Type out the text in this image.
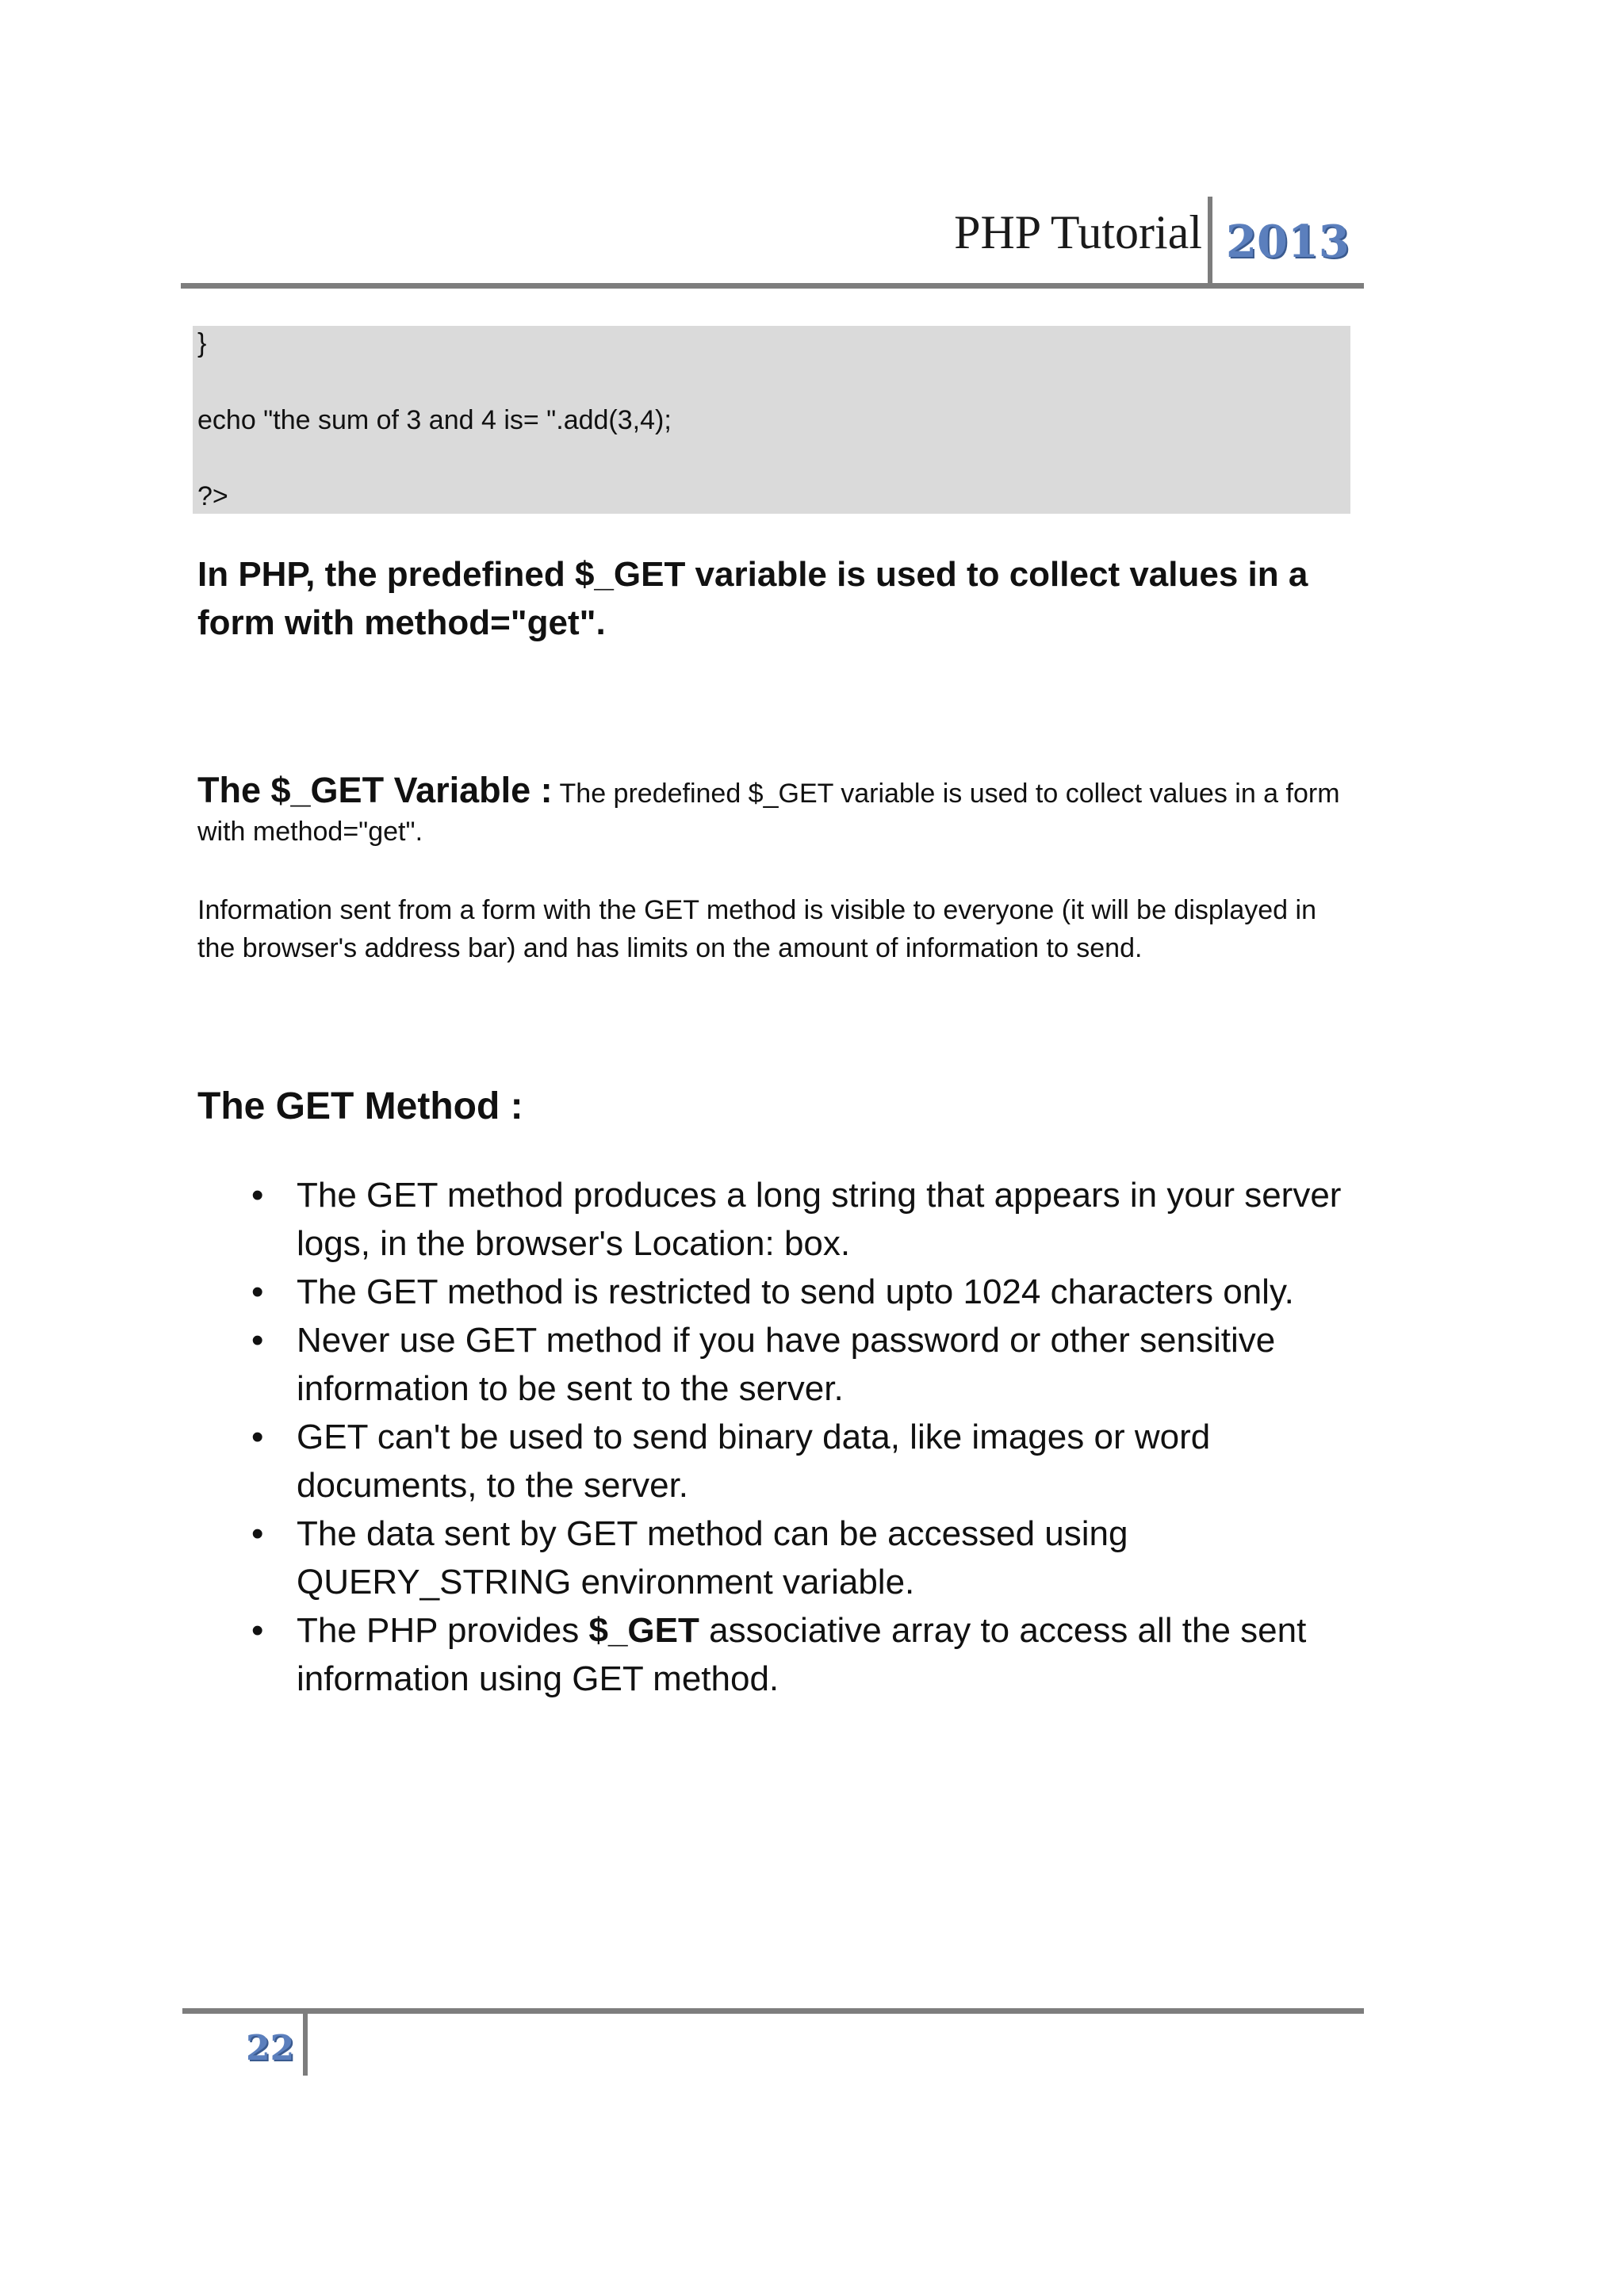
PHP Tutorial 2013
}
echo "the sum of 3 and 4 is= ".add(3,4);
?>
In PHP, the predefined $_GET variable is used to collect values in a form with method="get".
The $_GET Variable : The predefined $_GET variable is used to collect values in a form with method="get".
Information sent from a form with the GET method is visible to everyone (it will be displayed in the browser's address bar) and has limits on the amount of information to send.
The GET Method :
• The GET method produces a long string that appears in your server logs, in the browser's Location: box.
• The GET method is restricted to send upto 1024 characters only.
• Never use GET method if you have password or other sensitive information to be sent to the server.
• GET can't be used to send binary data, like images or word documents, to the server.
• The data sent by GET method can be accessed using QUERY_STRING environment variable.
• The PHP provides $_GET associative array to access all the sent information using GET method.
22
